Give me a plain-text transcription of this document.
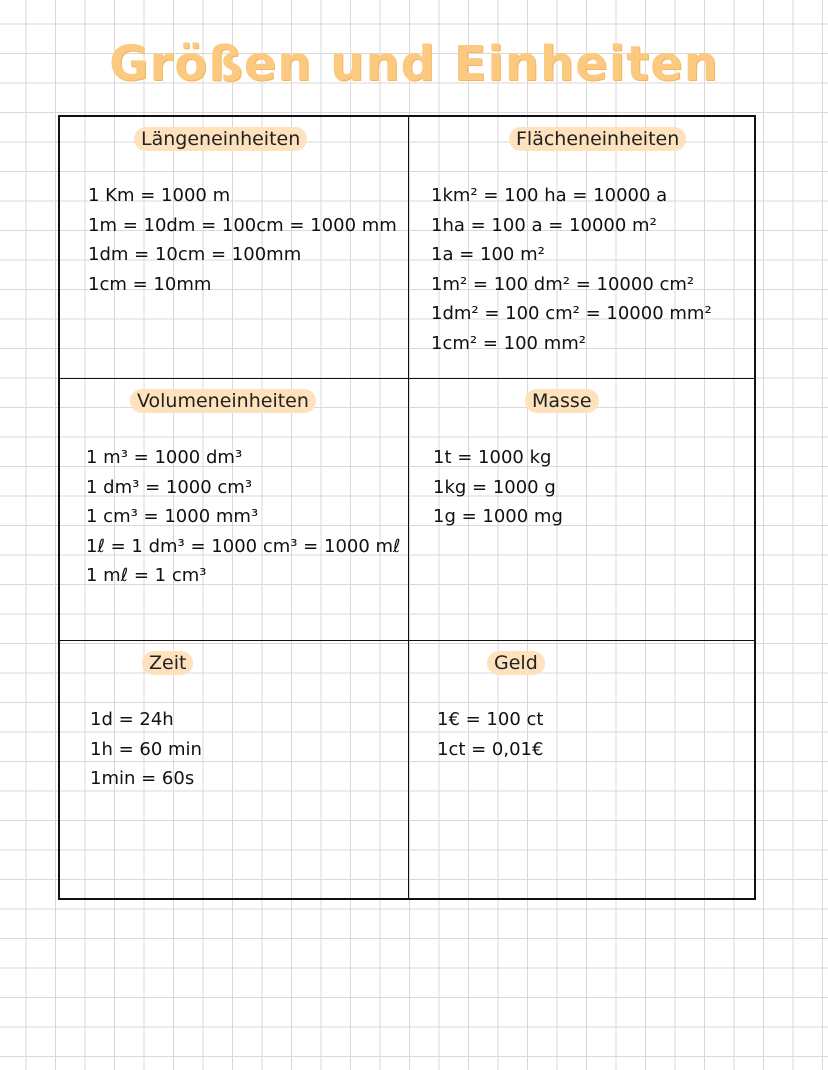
Größen und Einheiten
Längeneinheiten
1 Km = 1000 m
1m = 10dm = 100cm = 1000 mm
1dm = 10cm = 100mm
1cm = 10mm
Flächeneinheiten
1km² = 100 ha = 10000 a
1ha = 100 a = 10000 m²
1a = 100 m²
1m² = 100 dm² = 10000 cm²
1dm² = 100 cm² = 10000 mm²
1cm² = 100 mm²
Volumeneinheiten
1 m³ = 1000 dm³
1 dm³ = 1000 cm³
1 cm³ = 1000 mm³
1ℓ = 1 dm³ = 1000 cm³ = 1000 mℓ
1 mℓ = 1 cm³
Masse
1t = 1000 kg
1kg = 1000 g
1g = 1000 mg
Zeit
1d = 24h
1h = 60 min
1min = 60s
Geld
1€ = 100 ct
1ct = 0,01€
